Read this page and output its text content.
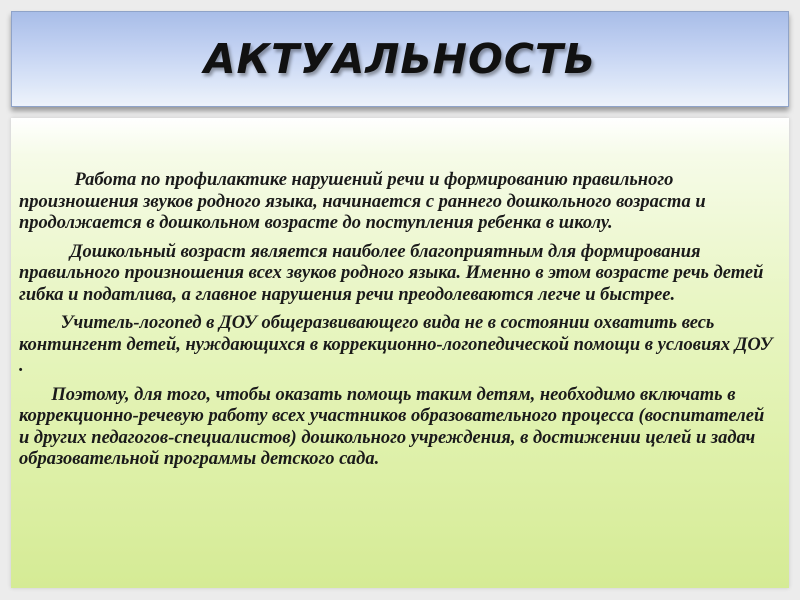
АКТУАЛЬНОСТЬ

Работа по профилактике нарушений речи и формированию правильного произношения звуков родного языка, начинается с раннего дошкольного возраста и продолжается в дошкольном возрасте до поступления ребенка в школу.

Дошкольный возраст является наиболее благоприятным для формирования правильного произношения всех звуков родного языка. Именно в этом возрасте речь детей гибка и податлива, а главное нарушения речи преодолеваются легче и быстрее.

Учитель-логопед в ДОУ общеразвивающего вида не в состоянии охватить весь контингент детей, нуждающихся в коррекционно-логопедической помощи в условиях ДОУ .

Поэтому, для того, чтобы оказать помощь таким детям, необходимо включать в коррекционно-речевую работу всех участников образовательного процесса (воспитателей и других педагогов-специалистов) дошкольного учреждения, в достижении целей и задач образовательной программы детского сада.
